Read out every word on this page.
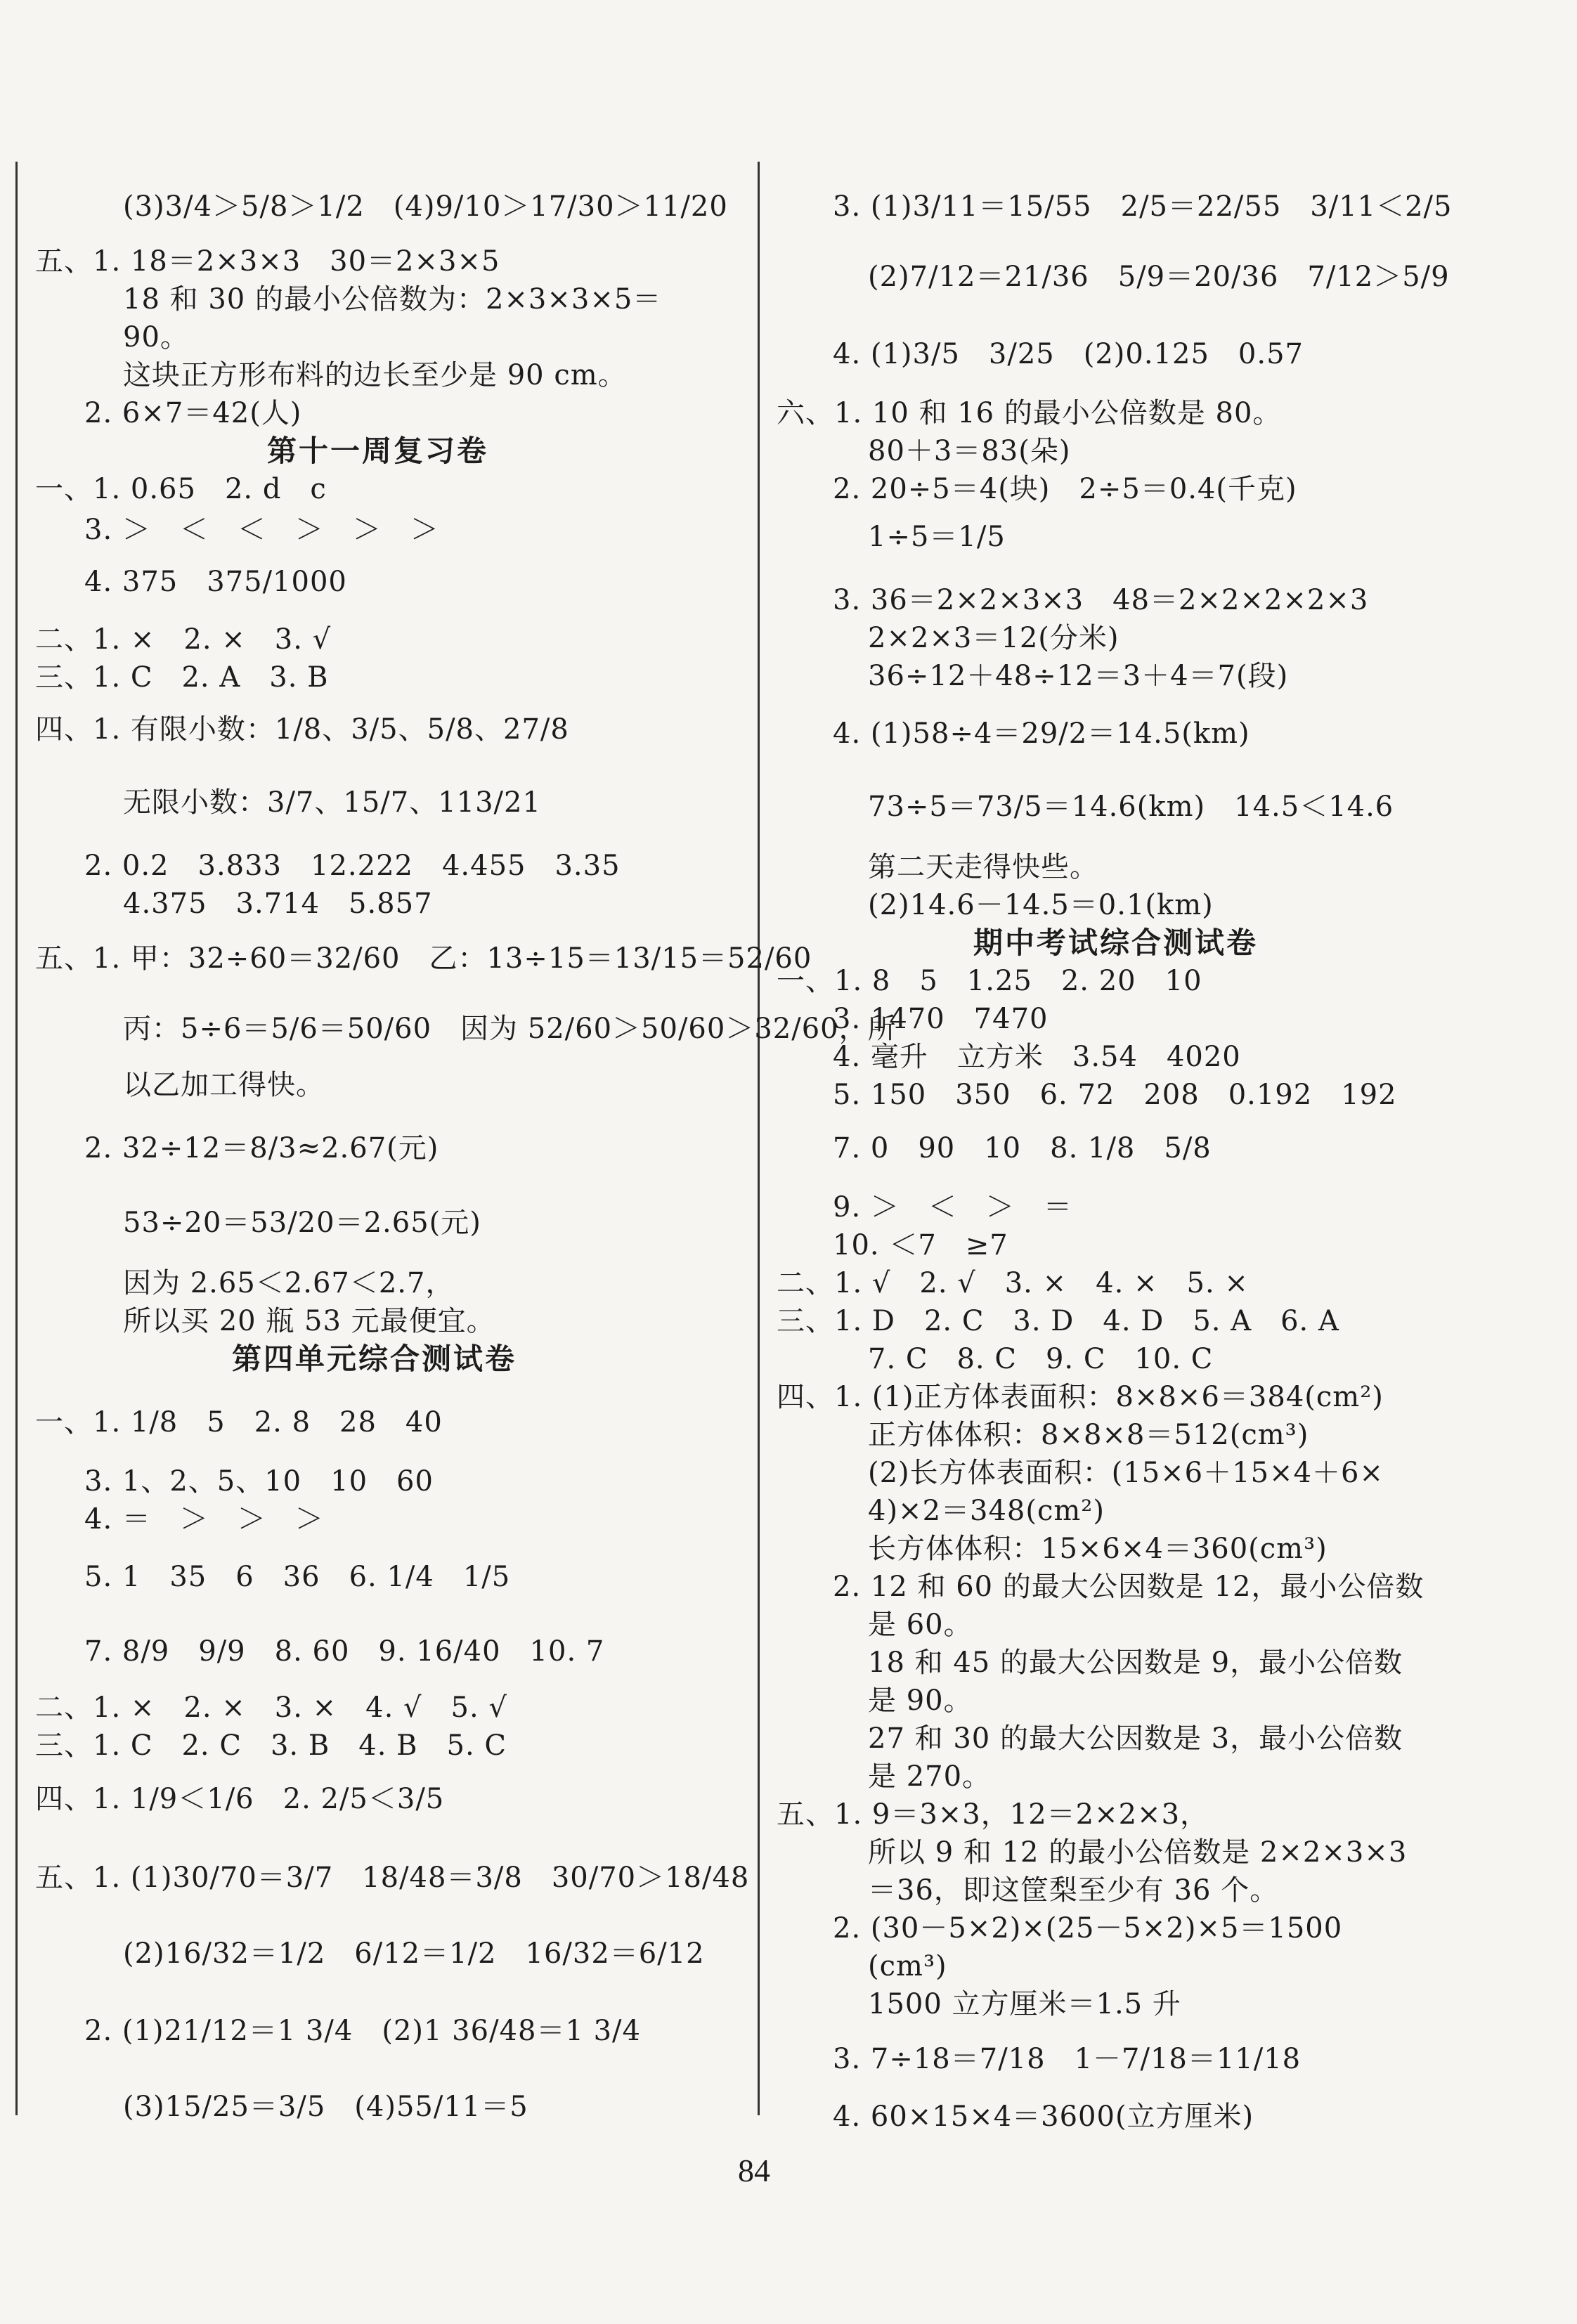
(3)3/4＞5/8＞1/2　(4)9/10＞17/30＞11/20
五、1. 18＝2×3×3　30＝2×3×5
18 和 30 的最小公倍数为：2×3×3×5＝
90。
这块正方形布料的边长至少是 90 cm。
2. 6×7＝42(人)
第十一周复习卷
一、1. 0.65　2. d　c
3. ＞　＜　＜　＞　＞　＞
4. 375　375/1000
二、1. ×　2. ×　3. √
三、1. C　2. A　3. B
四、1. 有限小数：1/8、3/5、5/8、27/8
无限小数：3/7、15/7、113/21
2. 0.2　3.833　12.222　4.455　3.35
4.375　3.714　5.857
五、1. 甲：32÷60＝32/60　乙：13÷15＝13/15＝52/60
丙：5÷6＝5/6＝50/60　因为 52/60＞50/60＞32/60，所
以乙加工得快。
2. 32÷12＝8/3≈2.67(元)
53÷20＝53/20＝2.65(元)
因为 2.65＜2.67＜2.7，
所以买 20 瓶 53 元最便宜。
第四单元综合测试卷
一、1. 1/8　5　2. 8　28　40
3. 1、2、5、10　10　60
4. ＝　＞　＞　＞
5. 1　35　6　36　6. 1/4　1/5
7. 8/9　9/9　8. 60　9. 16/40　10. 7
二、1. ×　2. ×　3. ×　4. √　5. √
三、1. C　2. C　3. B　4. B　5. C
四、1. 1/9＜1/6　2. 2/5＜3/5
五、1. (1)30/70＝3/7　18/48＝3/8　30/70＞18/48
(2)16/32＝1/2　6/12＝1/2　16/32＝6/12
2. (1)21/12＝1 3/4　(2)1 36/48＝1 3/4
(3)15/25＝3/5　(4)55/11＝5
3. (1)3/11＝15/55　2/5＝22/55　3/11＜2/5
(2)7/12＝21/36　5/9＝20/36　7/12＞5/9
4. (1)3/5　3/25　(2)0.125　0.57
六、1. 10 和 16 的最小公倍数是 80。
80＋3＝83(朵)
2. 20÷5＝4(块)　2÷5＝0.4(千克)
1÷5＝1/5
3. 36＝2×2×3×3　48＝2×2×2×2×3
2×2×3＝12(分米)
36÷12＋48÷12＝3＋4＝7(段)
4. (1)58÷4＝29/2＝14.5(km)
73÷5＝73/5＝14.6(km)　14.5＜14.6
第二天走得快些。
(2)14.6－14.5＝0.1(km)
期中考试综合测试卷
一、1. 8　5　1.25　2. 20　10
3. 1470　7470
4. 毫升　立方米　3.54　4020
5. 150　350　6. 72　208　0.192　192
7. 0　90　10　8. 1/8　5/8
9. ＞　＜　＞　＝
10. ＜7　≥7
二、1. √　2. √　3. ×　4. ×　5. ×
三、1. D　2. C　3. D　4. D　5. A　6. A
7. C　8. C　9. C　10. C
四、1. (1)正方体表面积：8×8×6＝384(cm²)
正方体体积：8×8×8＝512(cm³)
(2)长方体表面积：(15×6＋15×4＋6×
4)×2＝348(cm²)
长方体体积：15×6×4＝360(cm³)
2. 12 和 60 的最大公因数是 12，最小公倍数
是 60。
18 和 45 的最大公因数是 9，最小公倍数
是 90。
27 和 30 的最大公因数是 3，最小公倍数
是 270。
五、1. 9＝3×3，12＝2×2×3，
所以 9 和 12 的最小公倍数是 2×2×3×3
＝36，即这筐梨至少有 36 个。
2. (30－5×2)×(25－5×2)×5＝1500
(cm³)
1500 立方厘米＝1.5 升
3. 7÷18＝7/18　1－7/18＝11/18
4. 60×15×4＝3600(立方厘米)
84
